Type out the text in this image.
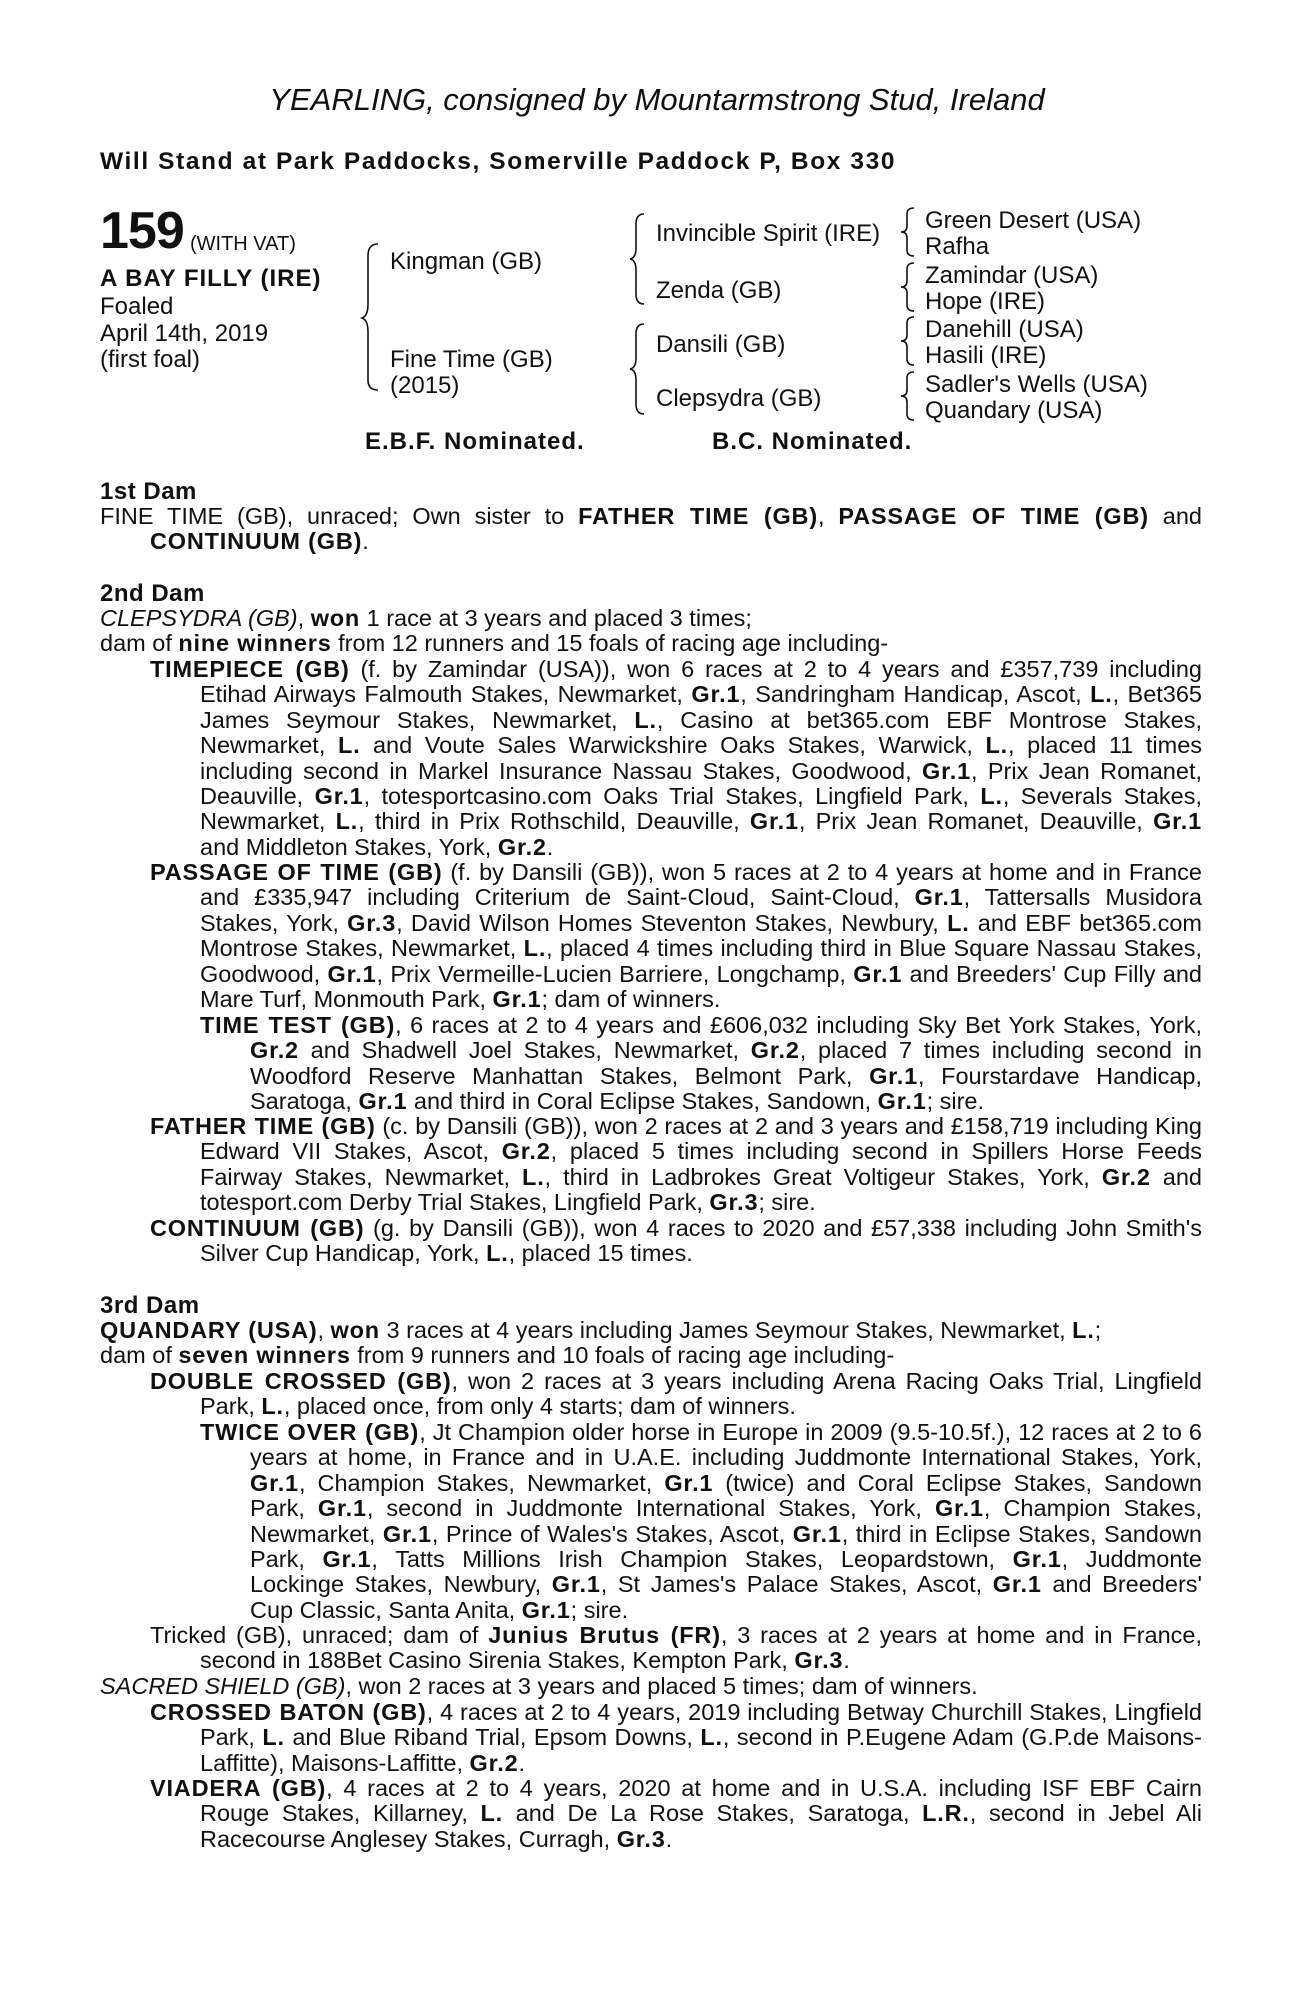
YEARLING, consigned by Mountarmstrong Stud, Ireland
Will Stand at Park Paddocks, Somerville Paddock P, Box 330
159 (WITH VAT)
A BAY FILLY (IRE)
Foaled
April 14th, 2019
(first foal)
Kingman (GB)
Fine Time (GB)
(2015)
Invincible Spirit (IRE)
Zenda (GB)
Dansili (GB)
Clepsydra (GB)
Green Desert (USA)
Rafha
Zamindar (USA)
Hope (IRE)
Danehill (USA)
Hasili (IRE)
Sadler's Wells (USA)
Quandary (USA)
E.B.F. Nominated.	B.C. Nominated.
1st Dam
FINE TIME (GB), unraced; Own sister to FATHER TIME (GB), PASSAGE OF TIME (GB) and CONTINUUM (GB).
2nd Dam
CLEPSYDRA (GB), won 1 race at 3 years and placed 3 times;
dam of nine winners from 12 runners and 15 foals of racing age including-
TIMEPIECE (GB) (f. by Zamindar (USA)), won 6 races at 2 to 4 years and £357,739 including Etihad Airways Falmouth Stakes, Newmarket, Gr.1, Sandringham Handicap, Ascot, L., Bet365 James Seymour Stakes, Newmarket, L., Casino at bet365.com EBF Montrose Stakes, Newmarket, L. and Voute Sales Warwickshire Oaks Stakes, Warwick, L., placed 11 times including second in Markel Insurance Nassau Stakes, Goodwood, Gr.1, Prix Jean Romanet, Deauville, Gr.1, totesportcasino.com Oaks Trial Stakes, Lingfield Park, L., Severals Stakes, Newmarket, L., third in Prix Rothschild, Deauville, Gr.1, Prix Jean Romanet, Deauville, Gr.1 and Middleton Stakes, York, Gr.2.
PASSAGE OF TIME (GB) (f. by Dansili (GB)), won 5 races at 2 to 4 years at home and in France and £335,947 including Criterium de Saint-Cloud, Saint-Cloud, Gr.1, Tattersalls Musidora Stakes, York, Gr.3, David Wilson Homes Steventon Stakes, Newbury, L. and EBF bet365.com Montrose Stakes, Newmarket, L., placed 4 times including third in Blue Square Nassau Stakes, Goodwood, Gr.1, Prix Vermeille-Lucien Barriere, Longchamp, Gr.1 and Breeders' Cup Filly and Mare Turf, Monmouth Park, Gr.1; dam of winners.
TIME TEST (GB), 6 races at 2 to 4 years and £606,032 including Sky Bet York Stakes, York, Gr.2 and Shadwell Joel Stakes, Newmarket, Gr.2, placed 7 times including second in Woodford Reserve Manhattan Stakes, Belmont Park, Gr.1, Fourstardave Handicap, Saratoga, Gr.1 and third in Coral Eclipse Stakes, Sandown, Gr.1; sire.
FATHER TIME (GB) (c. by Dansili (GB)), won 2 races at 2 and 3 years and £158,719 including King Edward VII Stakes, Ascot, Gr.2, placed 5 times including second in Spillers Horse Feeds Fairway Stakes, Newmarket, L., third in Ladbrokes Great Voltigeur Stakes, York, Gr.2 and totesport.com Derby Trial Stakes, Lingfield Park, Gr.3; sire.
CONTINUUM (GB) (g. by Dansili (GB)), won 4 races to 2020 and £57,338 including John Smith's Silver Cup Handicap, York, L., placed 15 times.
3rd Dam
QUANDARY (USA), won 3 races at 4 years including James Seymour Stakes, Newmarket, L.;
dam of seven winners from 9 runners and 10 foals of racing age including-
DOUBLE CROSSED (GB), won 2 races at 3 years including Arena Racing Oaks Trial, Lingfield Park, L., placed once, from only 4 starts; dam of winners.
TWICE OVER (GB), Jt Champion older horse in Europe in 2009 (9.5-10.5f.), 12 races at 2 to 6 years at home, in France and in U.A.E. including Juddmonte International Stakes, York, Gr.1, Champion Stakes, Newmarket, Gr.1 (twice) and Coral Eclipse Stakes, Sandown Park, Gr.1, second in Juddmonte International Stakes, York, Gr.1, Champion Stakes, Newmarket, Gr.1, Prince of Wales's Stakes, Ascot, Gr.1, third in Eclipse Stakes, Sandown Park, Gr.1, Tatts Millions Irish Champion Stakes, Leopardstown, Gr.1, Juddmonte Lockinge Stakes, Newbury, Gr.1, St James's Palace Stakes, Ascot, Gr.1 and Breeders' Cup Classic, Santa Anita, Gr.1; sire.
Tricked (GB), unraced; dam of Junius Brutus (FR), 3 races at 2 years at home and in France, second in 188Bet Casino Sirenia Stakes, Kempton Park, Gr.3.
SACRED SHIELD (GB), won 2 races at 3 years and placed 5 times; dam of winners.
CROSSED BATON (GB), 4 races at 2 to 4 years, 2019 including Betway Churchill Stakes, Lingfield Park, L. and Blue Riband Trial, Epsom Downs, L., second in P.Eugene Adam (G.P.de Maisons-Laffitte), Maisons-Laffitte, Gr.2.
VIADERA (GB), 4 races at 2 to 4 years, 2020 at home and in U.S.A. including ISF EBF Cairn Rouge Stakes, Killarney, L. and De La Rose Stakes, Saratoga, L.R., second in Jebel Ali Racecourse Anglesey Stakes, Curragh, Gr.3.
